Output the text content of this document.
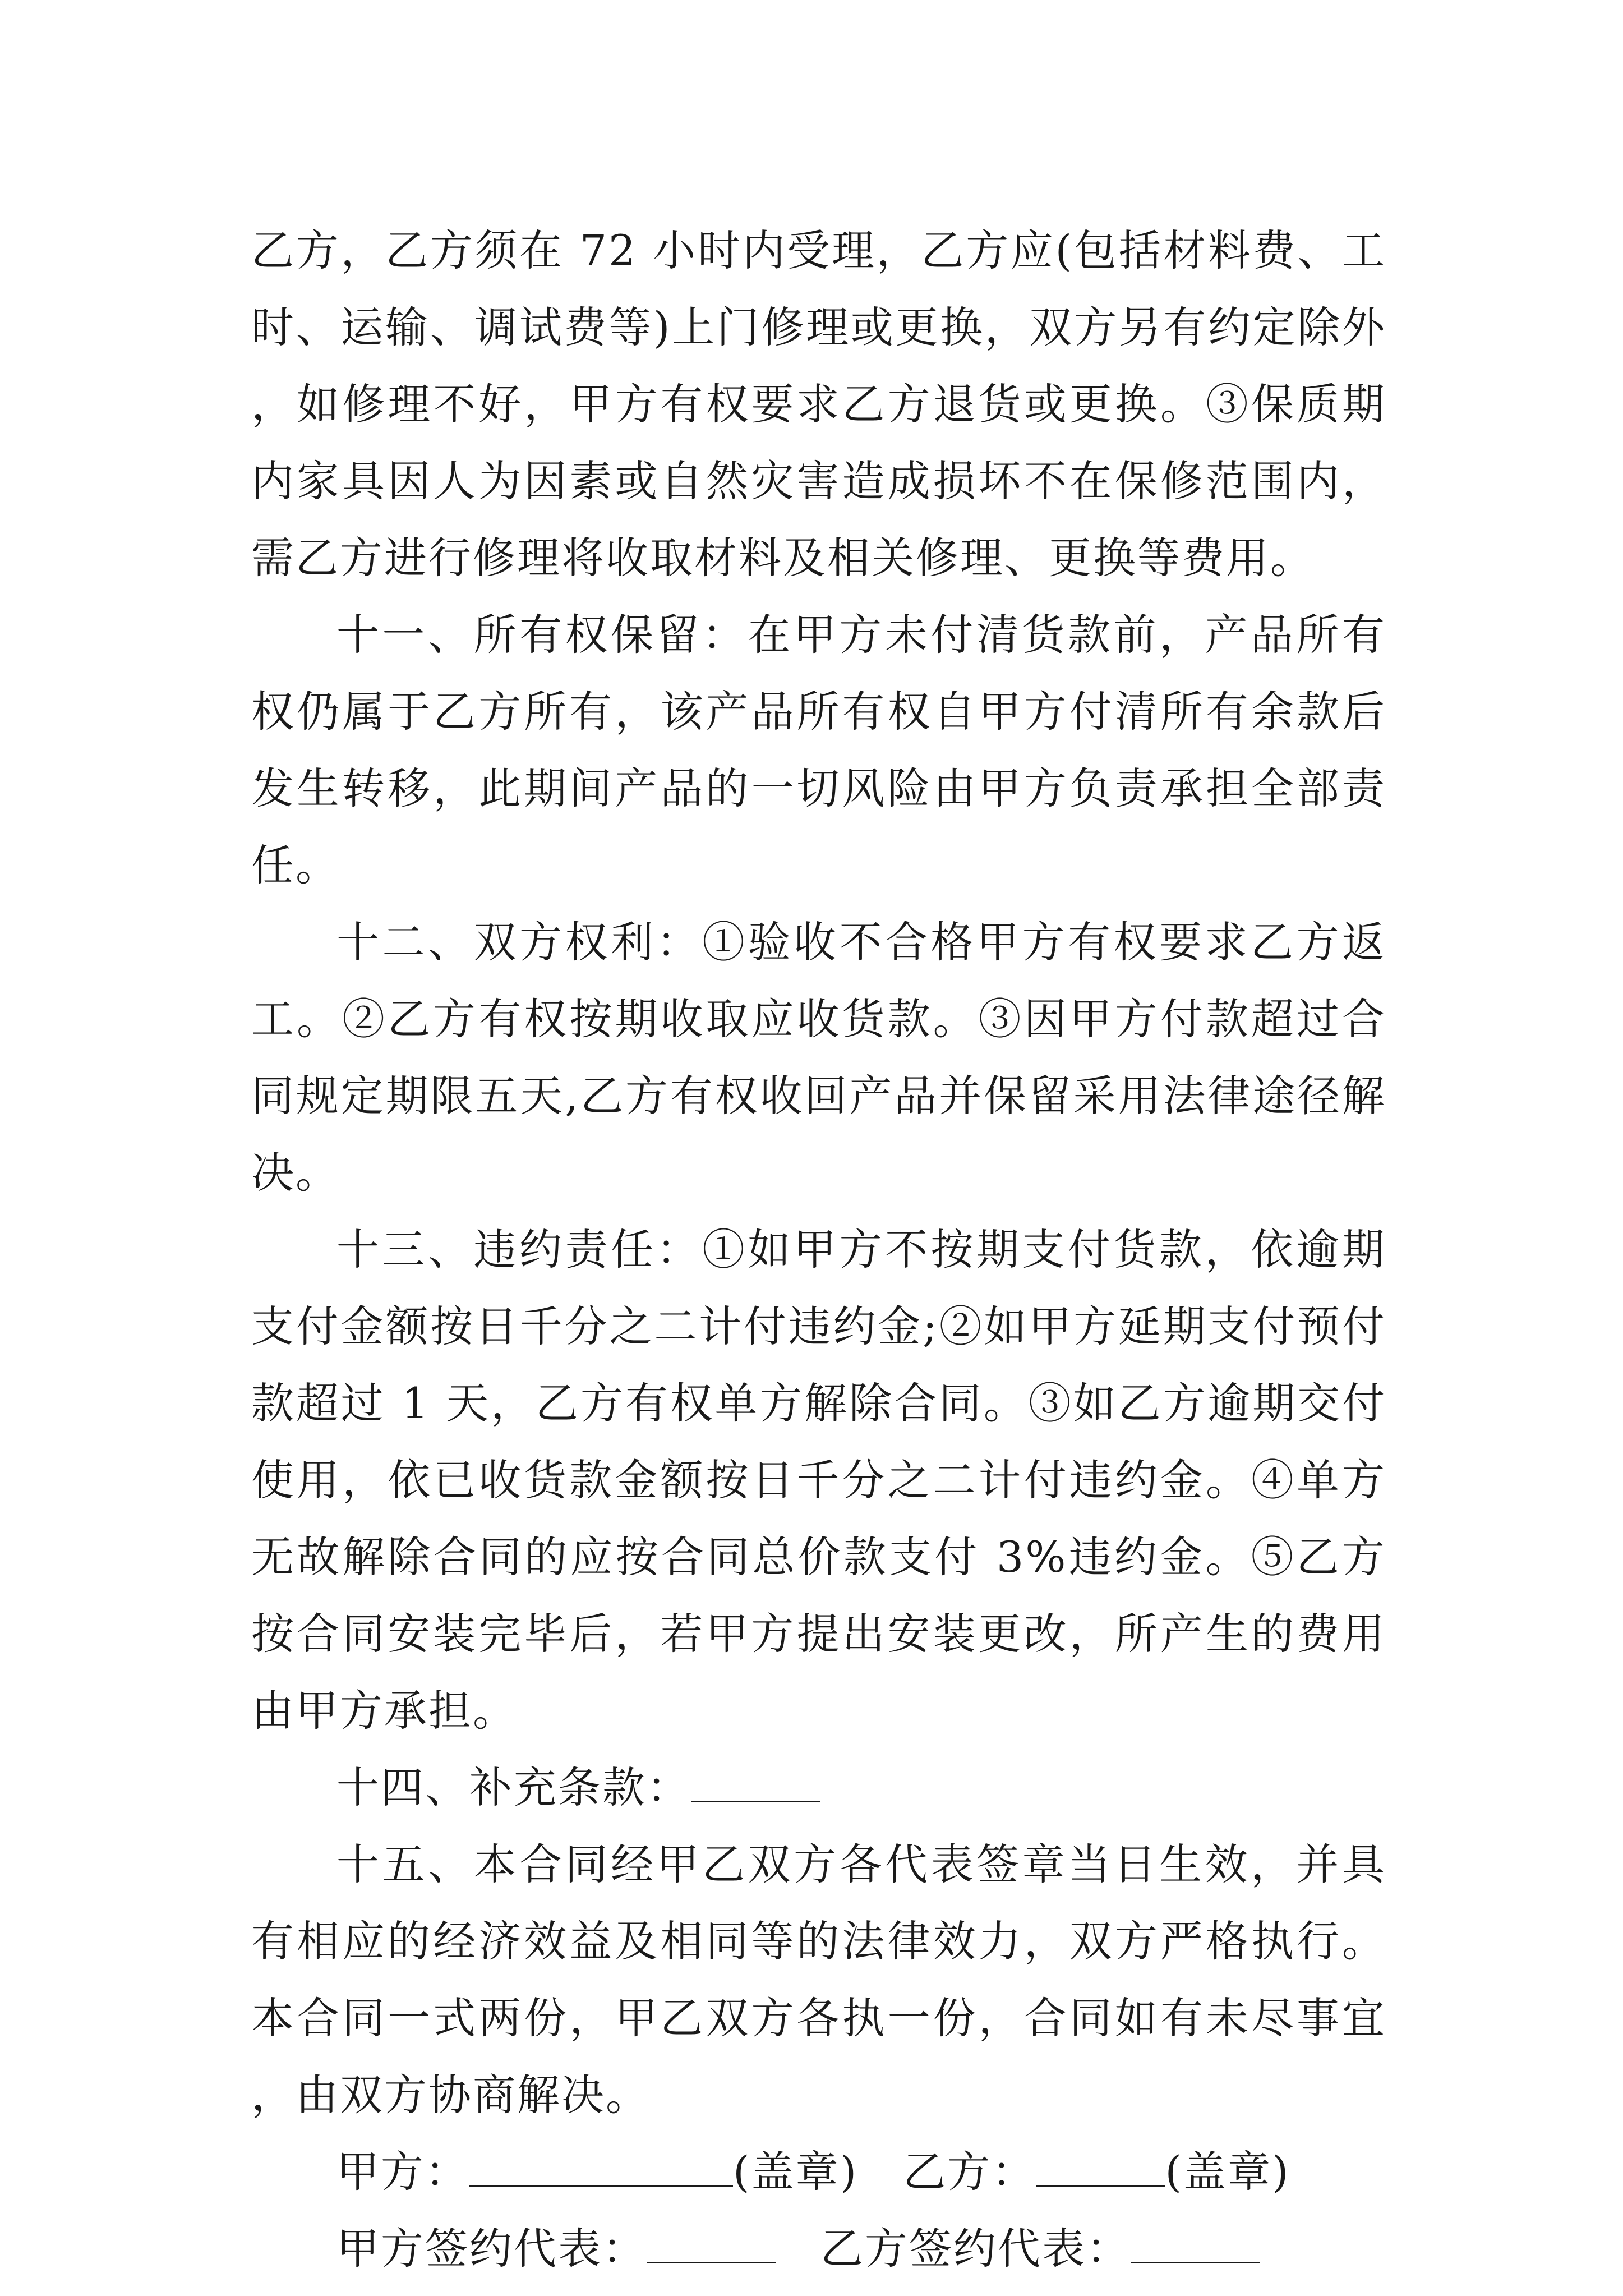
乙方，乙方须在 72 小时内受理，乙方应(包括材料费、工时、运输、调试费等)上门修理或更换，双方另有约定除外，如修理不好，甲方有权要求乙方退货或更换。③保质期内家具因人为因素或自然灾害造成损坏不在保修范围内，需乙方进行修理将收取材料及相关修理、更换等费用。

十一、所有权保留：在甲方未付清货款前，产品所有权仍属于乙方所有，该产品所有权自甲方付清所有余款后发生转移，此期间产品的一切风险由甲方负责承担全部责任。

十二、双方权利：①验收不合格甲方有权要求乙方返工。②乙方有权按期收取应收货款。③因甲方付款超过合同规定期限五天,乙方有权收回产品并保留采用法律途径解决。

十三、违约责任：①如甲方不按期支付货款，依逾期支付金额按日千分之二计付违约金;②如甲方延期支付预付款超过 1 天，乙方有权单方解除合同。③如乙方逾期交付使用，依已收货款金额按日千分之二计付违约金。④单方无故解除合同的应按合同总价款支付 3%违约金。⑤乙方按合同安装完毕后，若甲方提出安装更改，所产生的费用由甲方承担。

十四、补充条款：

十五、本合同经甲乙双方各代表签章当日生效，并具有相应的经济效益及相同等的法律效力，双方严格执行。本合同一式两份，甲乙双方各执一份，合同如有未尽事宜，由双方协商解决。

甲方：	(盖章) 乙方：	(盖章)

甲方签约代表：	乙方签约代表：
